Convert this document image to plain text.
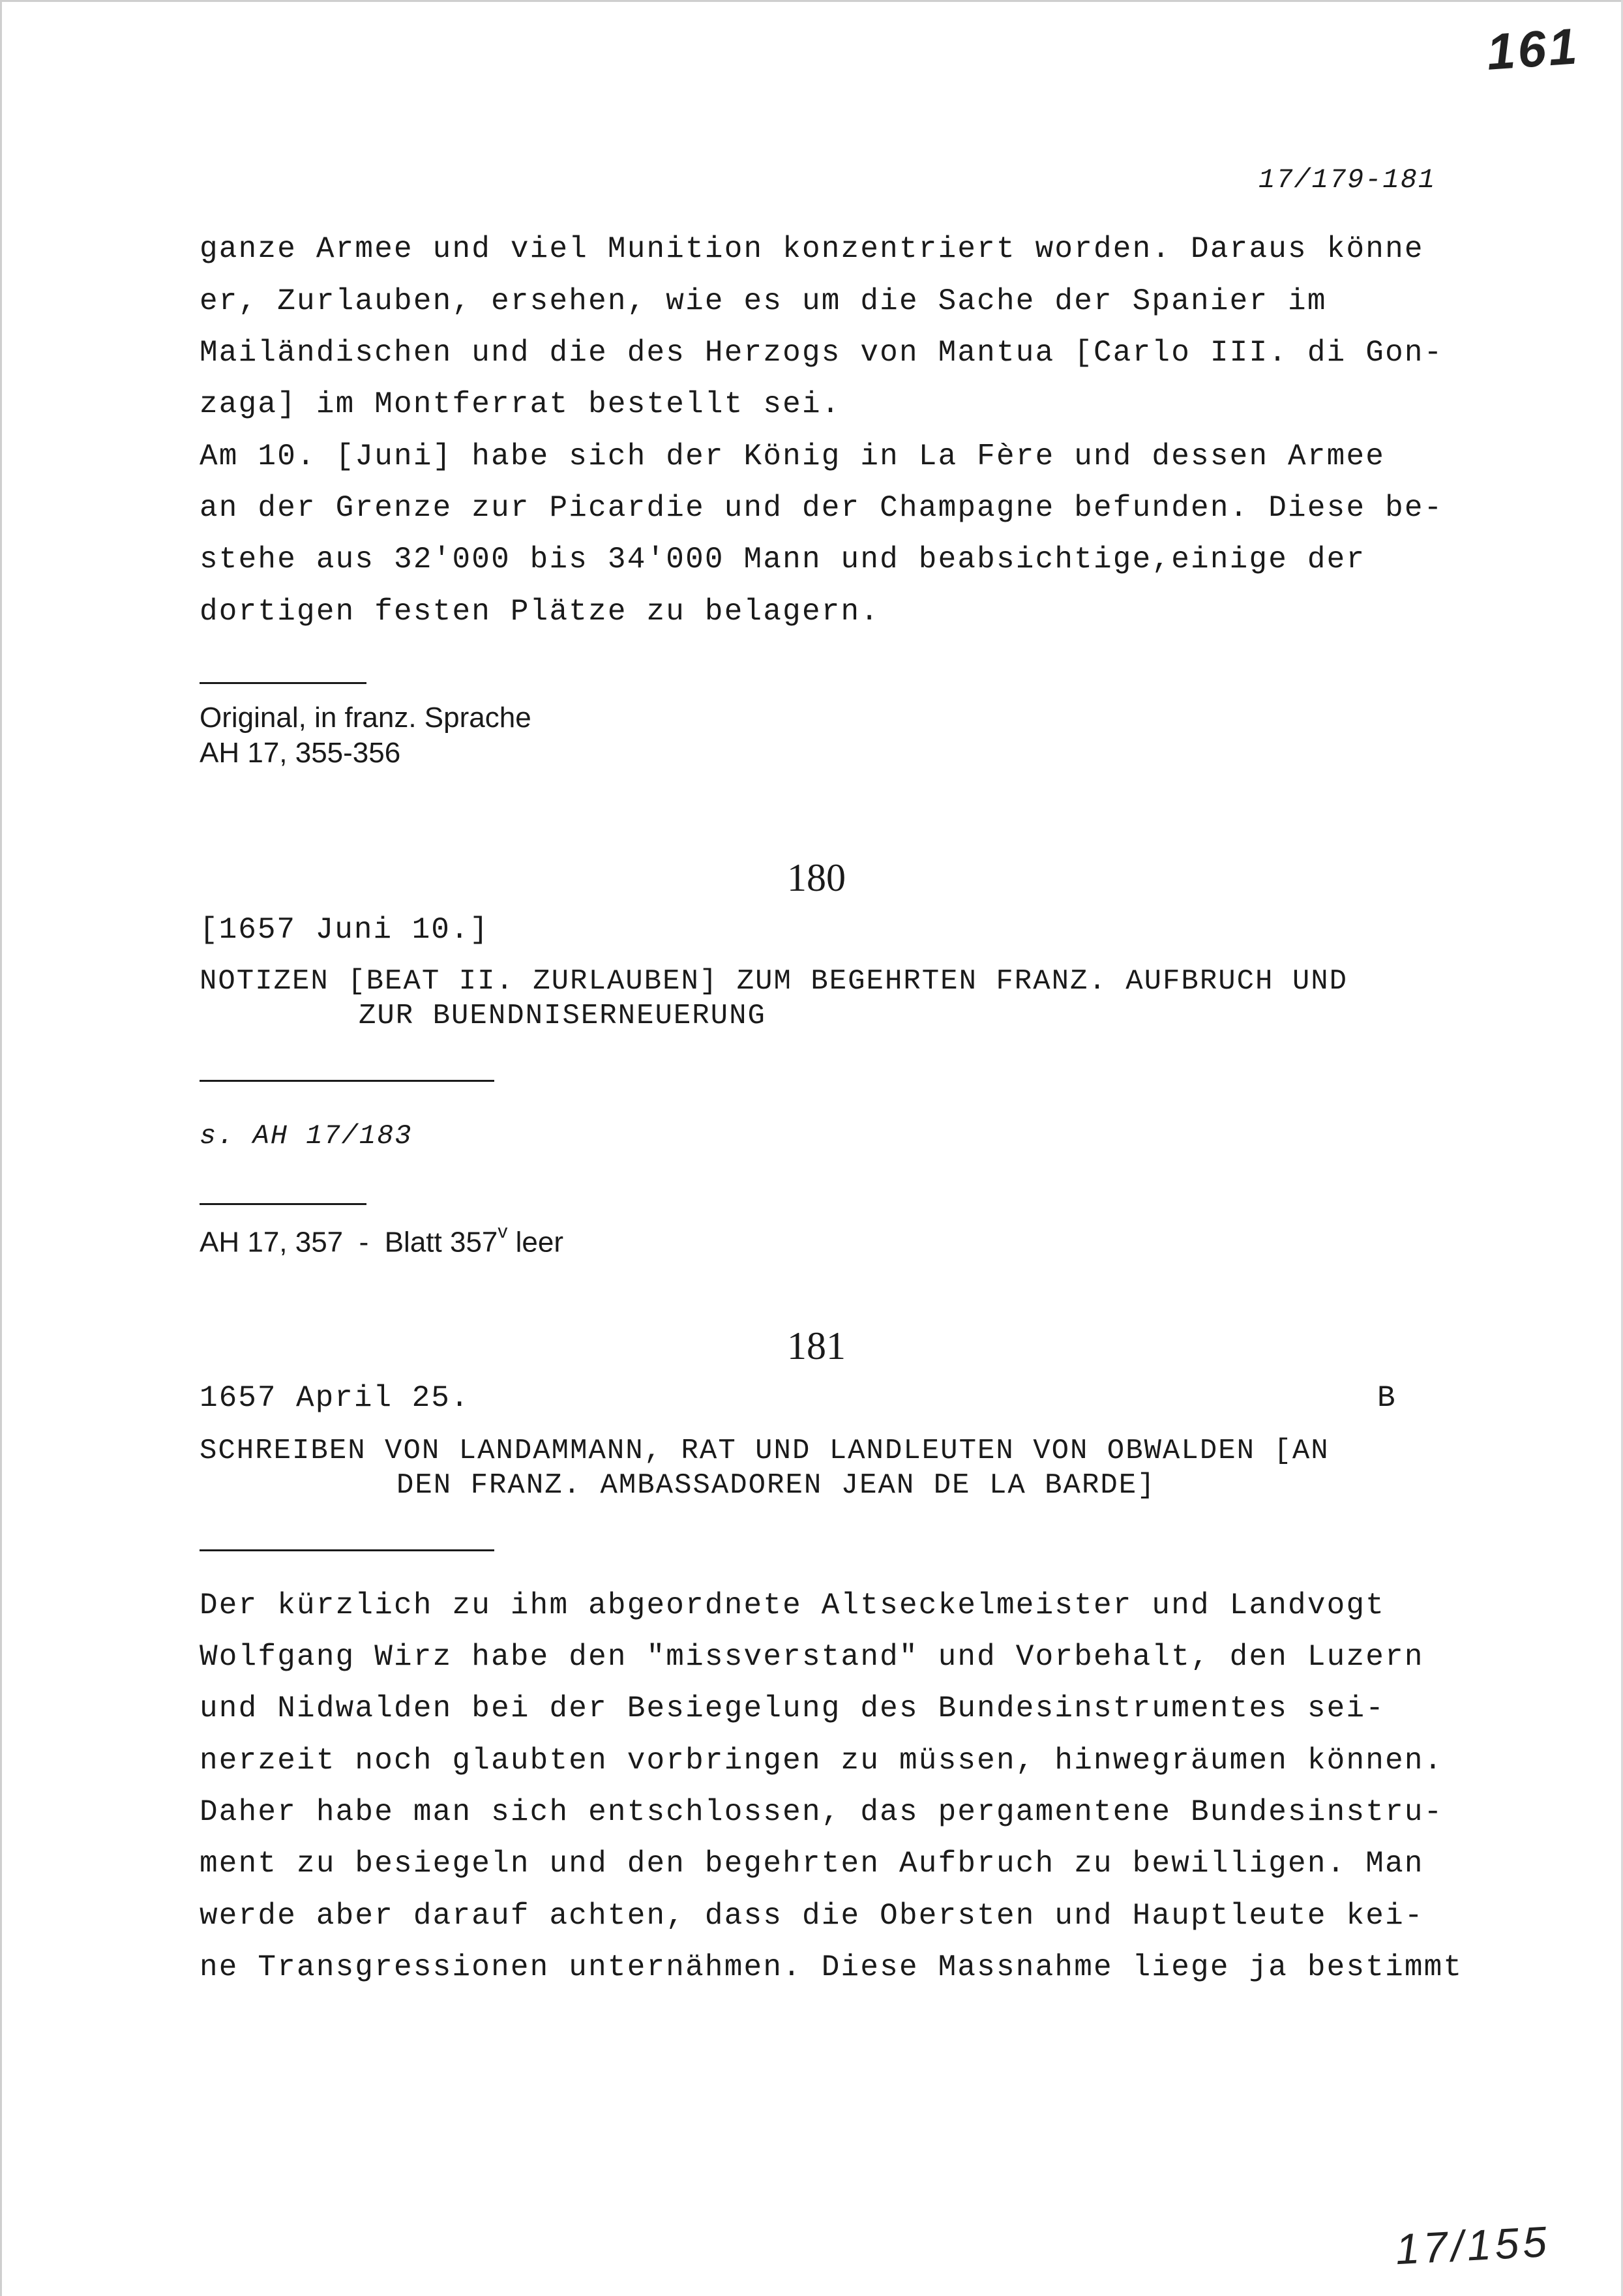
161
17/179-181
ganze Armee und viel Munition konzentriert worden. Daraus könne
er, Zurlauben, ersehen, wie es um die Sache der Spanier im
Mailändischen und die des Herzogs von Mantua [Carlo III. di Gon-
zaga] im Montferrat bestellt sei.
Am 10. [Juni] habe sich der König in La Fère und dessen Armee
an der Grenze zur Picardie und der Champagne befunden. Diese be-
stehe aus 32'000 bis 34'000 Mann und beabsichtige,einige der
dortigen festen Plätze zu belagern.
Original, in franz. Sprache
AH 17, 355-356
180
[1657 Juni 10.]
NOTIZEN [BEAT II. ZURLAUBEN] ZUM BEGEHRTEN FRANZ. AUFBRUCH UND
ZUR BUENDNISERNEUERUNG
s. AH 17/183
AH 17, 357  -  Blatt 357$^v$ leer
181
1657 April 25.	B
SCHREIBEN VON LANDAMMANN, RAT UND LANDLEUTEN VON OBWALDEN [AN
DEN FRANZ. AMBASSADOREN JEAN DE LA BARDE]
Der kürzlich zu ihm abgeordnete Altseckelmeister und Landvogt
Wolfgang Wirz habe den "missverstand" und Vorbehalt, den Luzern
und Nidwalden bei der Besiegelung des Bundesinstrumentes sei-
nerzeit noch glaubten vorbringen zu müssen, hinwegräumen können.
Daher habe man sich entschlossen, das pergamentene Bundesinstru-
ment zu besiegeln und den begehrten Aufbruch zu bewilligen. Man
werde aber darauf achten, dass die Obersten und Hauptleute kei-
ne Transgressionen unternähmen. Diese Massnahme liege ja bestimmt
17/155
